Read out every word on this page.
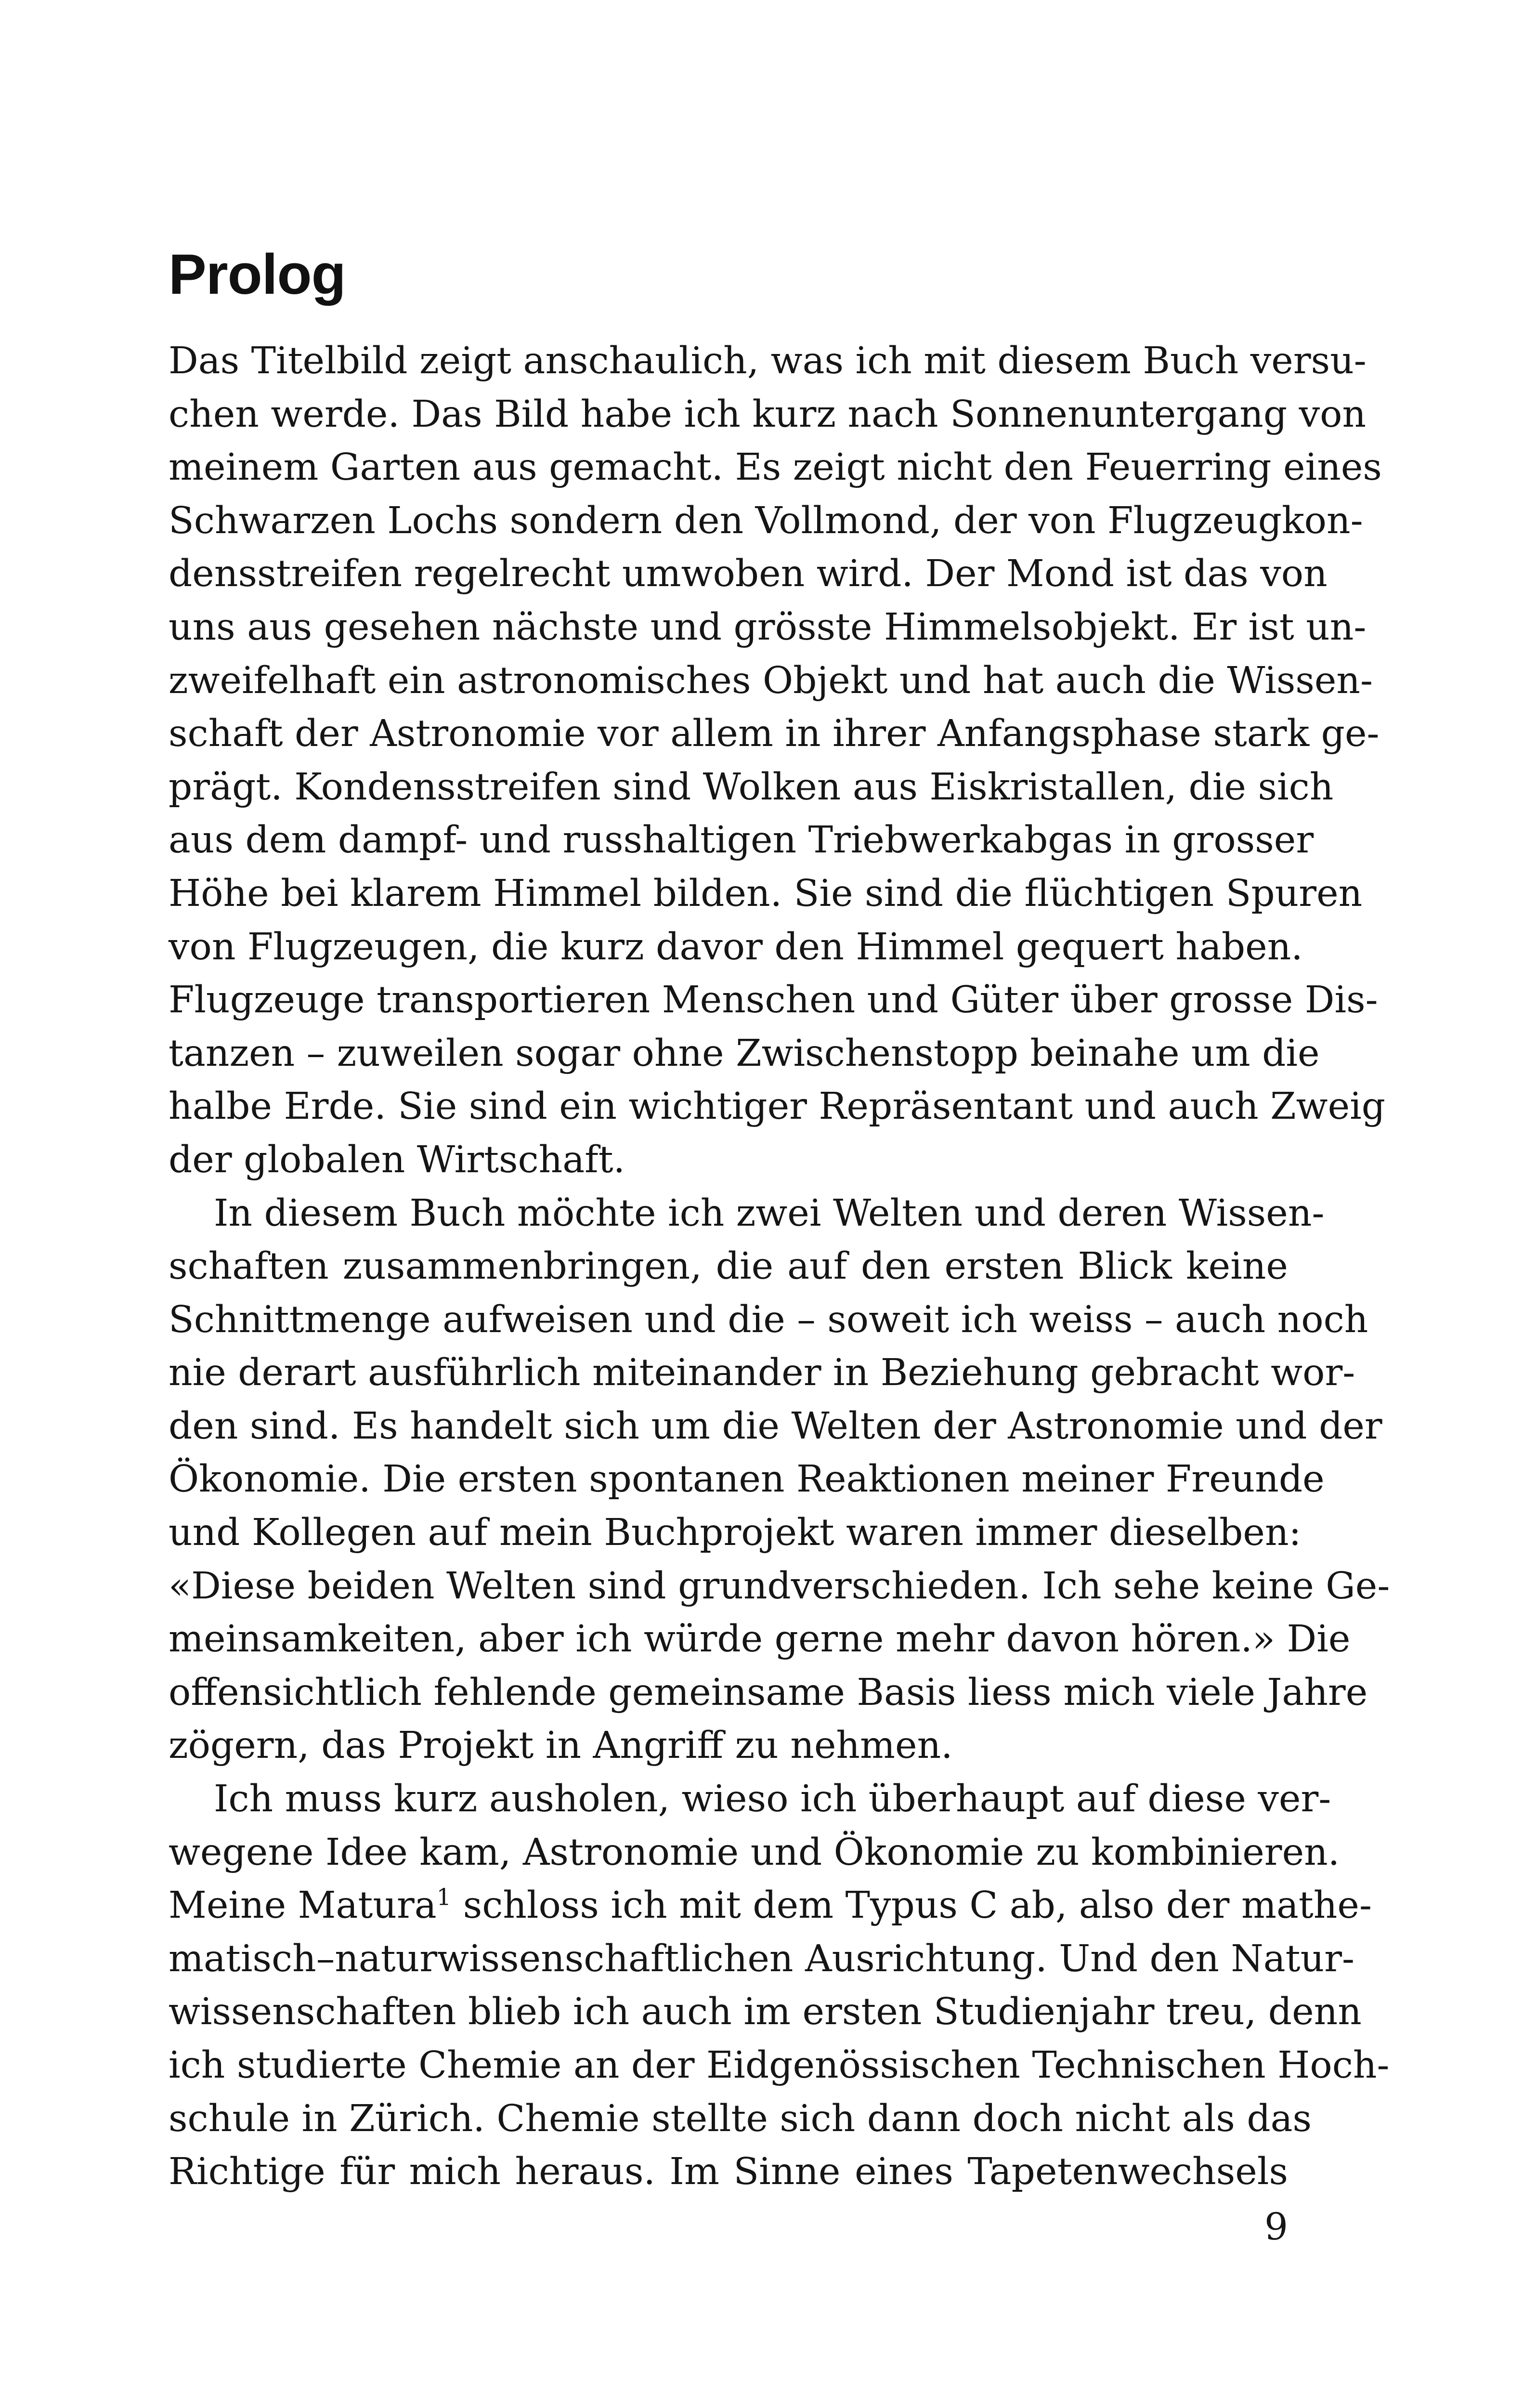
Prolog
Das Titelbild zeigt anschaulich, was ich mit diesem Buch versu-
chen werde. Das Bild habe ich kurz nach Sonnenuntergang von
meinem Garten aus gemacht. Es zeigt nicht den Feuerring eines
Schwarzen Lochs sondern den Vollmond, der von Flugzeugkon-
densstreifen regelrecht umwoben wird. Der Mond ist das von
uns aus gesehen nächste und grösste Himmelsobjekt. Er ist un-
zweifelhaft ein astronomisches Objekt und hat auch die Wissen-
schaft der Astronomie vor allem in ihrer Anfangsphase stark ge-
prägt. Kondensstreifen sind Wolken aus Eiskristallen, die sich
aus dem dampf- und russhaltigen Triebwerkabgas in grosser
Höhe bei klarem Himmel bilden. Sie sind die flüchtigen Spuren
von Flugzeugen, die kurz davor den Himmel gequert haben.
Flugzeuge transportieren Menschen und Güter über grosse Dis-
tanzen – zuweilen sogar ohne Zwischenstopp beinahe um die
halbe Erde. Sie sind ein wichtiger Repräsentant und auch Zweig
der globalen Wirtschaft.
In diesem Buch möchte ich zwei Welten und deren Wissen-
schaften zusammenbringen, die auf den ersten Blick keine
Schnittmenge aufweisen und die – soweit ich weiss – auch noch
nie derart ausführlich miteinander in Beziehung gebracht wor-
den sind. Es handelt sich um die Welten der Astronomie und der
Ökonomie. Die ersten spontanen Reaktionen meiner Freunde
und Kollegen auf mein Buchprojekt waren immer dieselben:
«Diese beiden Welten sind grundverschieden. Ich sehe keine Ge-
meinsamkeiten, aber ich würde gerne mehr davon hören.» Die
offensichtlich fehlende gemeinsame Basis liess mich viele Jahre
zögern, das Projekt in Angriff zu nehmen.
Ich muss kurz ausholen, wieso ich überhaupt auf diese ver-
wegene Idee kam, Astronomie und Ökonomie zu kombinieren.
Meine Matura$^1$ schloss ich mit dem Typus C ab, also der mathe-
matisch–naturwissenschaftlichen Ausrichtung. Und den Natur-
wissenschaften blieb ich auch im ersten Studienjahr treu, denn
ich studierte Chemie an der Eidgenössischen Technischen Hoch-
schule in Zürich. Chemie stellte sich dann doch nicht als das
Richtige für mich heraus. Im Sinne eines Tapetenwechsels
9
